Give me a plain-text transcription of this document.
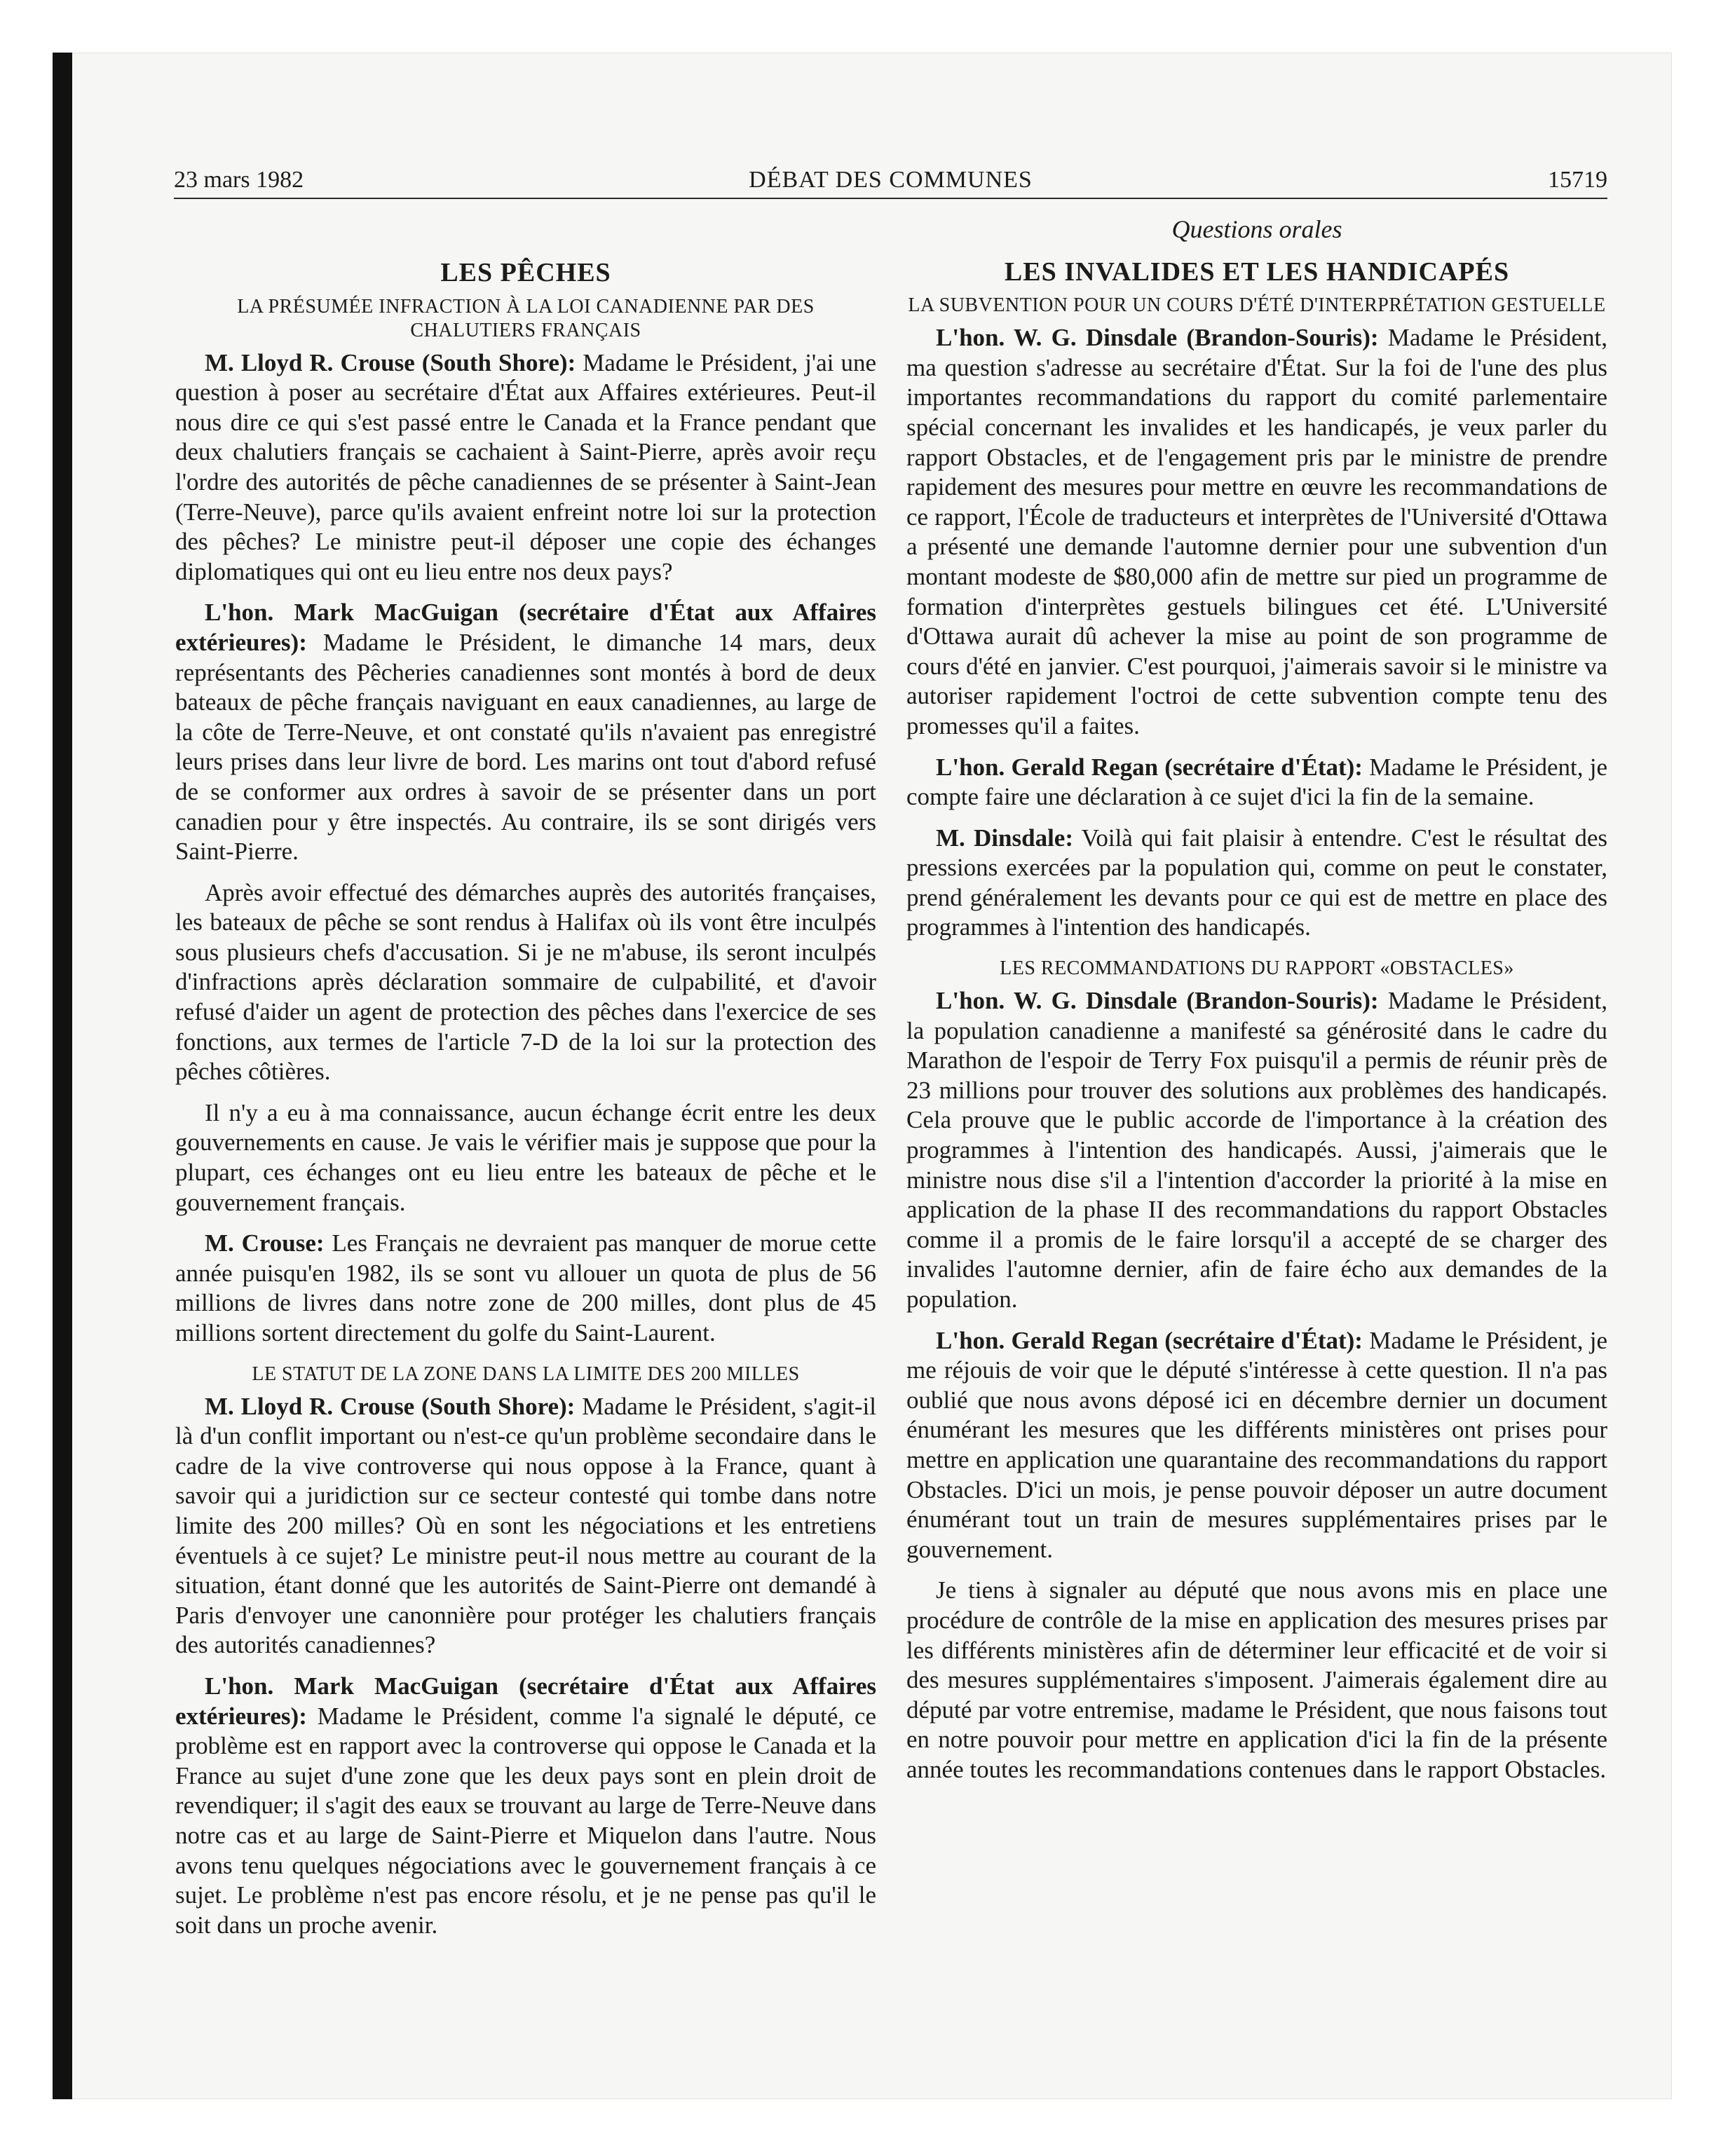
23 mars 1982	DÉBAT DES COMMUNES	15719
LES PÊCHES
LA PRÉSUMÉE INFRACTION À LA LOI CANADIENNE PAR DES CHALUTIERS FRANÇAIS

M. Lloyd R. Crouse (South Shore): Madame le Président, j'ai une question à poser au secrétaire d'État aux Affaires extérieures. Peut-il nous dire ce qui s'est passé entre le Canada et la France pendant que deux chalutiers français se cachaient à Saint-Pierre, après avoir reçu l'ordre des autorités de pêche canadiennes de se présenter à Saint-Jean (Terre-Neuve), parce qu'ils avaient enfreint notre loi sur la protection des pêches? Le ministre peut-il déposer une copie des échanges diplomatiques qui ont eu lieu entre nos deux pays?

L'hon. Mark MacGuigan (secrétaire d'État aux Affaires extérieures): Madame le Président, le dimanche 14 mars, deux représentants des Pêcheries canadiennes sont montés à bord de deux bateaux de pêche français naviguant en eaux canadiennes, au large de la côte de Terre-Neuve, et ont constaté qu'ils n'avaient pas enregistré leurs prises dans leur livre de bord. Les marins ont tout d'abord refusé de se conformer aux ordres à savoir de se présenter dans un port canadien pour y être inspectés. Au contraire, ils se sont dirigés vers Saint-Pierre.

Après avoir effectué des démarches auprès des autorités françaises, les bateaux de pêche se sont rendus à Halifax où ils vont être inculpés sous plusieurs chefs d'accusation. Si je ne m'abuse, ils seront inculpés d'infractions après déclaration sommaire de culpabilité, et d'avoir refusé d'aider un agent de protection des pêches dans l'exercice de ses fonctions, aux termes de l'article 7-D de la loi sur la protection des pêches côtières.

Il n'y a eu à ma connaissance, aucun échange écrit entre les deux gouvernements en cause. Je vais le vérifier mais je suppose que pour la plupart, ces échanges ont eu lieu entre les bateaux de pêche et le gouvernement français.

M. Crouse: Les Français ne devraient pas manquer de morue cette année puisqu'en 1982, ils se sont vu allouer un quota de plus de 56 millions de livres dans notre zone de 200 milles, dont plus de 45 millions sortent directement du golfe du Saint-Laurent.

LE STATUT DE LA ZONE DANS LA LIMITE DES 200 MILLES

M. Lloyd R. Crouse (South Shore): Madame le Président, s'agit-il là d'un conflit important ou n'est-ce qu'un problème secondaire dans le cadre de la vive controverse qui nous oppose à la France, quant à savoir qui a juridiction sur ce secteur contesté qui tombe dans notre limite des 200 milles? Où en sont les négociations et les entretiens éventuels à ce sujet? Le ministre peut-il nous mettre au courant de la situation, étant donné que les autorités de Saint-Pierre ont demandé à Paris d'envoyer une canonnière pour protéger les chalutiers français des autorités canadiennes?

L'hon. Mark MacGuigan (secrétaire d'État aux Affaires extérieures): Madame le Président, comme l'a signalé le député, ce problème est en rapport avec la controverse qui oppose le Canada et la France au sujet d'une zone que les deux pays sont en plein droit de revendiquer; il s'agit des eaux se trouvant au large de Terre-Neuve dans notre cas et au large de Saint-Pierre et Miquelon dans l'autre. Nous avons tenu quelques négociations avec le gouvernement français à ce sujet. Le problème n'est pas encore résolu, et je ne pense pas qu'il le soit dans un proche avenir.

Questions orales
LES INVALIDES ET LES HANDICAPÉS
LA SUBVENTION POUR UN COURS D'ÉTÉ D'INTERPRÉTATION GESTUELLE

L'hon. W. G. Dinsdale (Brandon-Souris): Madame le Président, ma question s'adresse au secrétaire d'État. Sur la foi de l'une des plus importantes recommandations du rapport du comité parlementaire spécial concernant les invalides et les handicapés, je veux parler du rapport Obstacles, et de l'engagement pris par le ministre de prendre rapidement des mesures pour mettre en œuvre les recommandations de ce rapport, l'École de traducteurs et interprètes de l'Université d'Ottawa a présenté une demande l'automne dernier pour une subvention d'un montant modeste de $80,000 afin de mettre sur pied un programme de formation d'interprètes gestuels bilingues cet été. L'Université d'Ottawa aurait dû achever la mise au point de son programme de cours d'été en janvier. C'est pourquoi, j'aimerais savoir si le ministre va autoriser rapidement l'octroi de cette subvention compte tenu des promesses qu'il a faites.

L'hon. Gerald Regan (secrétaire d'État): Madame le Président, je compte faire une déclaration à ce sujet d'ici la fin de la semaine.

M. Dinsdale: Voilà qui fait plaisir à entendre. C'est le résultat des pressions exercées par la population qui, comme on peut le constater, prend généralement les devants pour ce qui est de mettre en place des programmes à l'intention des handicapés.

LES RECOMMANDATIONS DU RAPPORT «OBSTACLES»

L'hon. W. G. Dinsdale (Brandon-Souris): Madame le Président, la population canadienne a manifesté sa générosité dans le cadre du Marathon de l'espoir de Terry Fox puisqu'il a permis de réunir près de 23 millions pour trouver des solutions aux problèmes des handicapés. Cela prouve que le public accorde de l'importance à la création des programmes à l'intention des handicapés. Aussi, j'aimerais que le ministre nous dise s'il a l'intention d'accorder la priorité à la mise en application de la phase II des recommandations du rapport Obstacles comme il a promis de le faire lorsqu'il a accepté de se charger des invalides l'automne dernier, afin de faire écho aux demandes de la population.

L'hon. Gerald Regan (secrétaire d'État): Madame le Président, je me réjouis de voir que le député s'intéresse à cette question. Il n'a pas oublié que nous avons déposé ici en décembre dernier un document énumérant les mesures que les différents ministères ont prises pour mettre en application une quarantaine des recommandations du rapport Obstacles. D'ici un mois, je pense pouvoir déposer un autre document énumérant tout un train de mesures supplémentaires prises par le gouvernement.

Je tiens à signaler au député que nous avons mis en place une procédure de contrôle de la mise en application des mesures prises par les différents ministères afin de déterminer leur efficacité et de voir si des mesures supplémentaires s'imposent. J'aimerais également dire au député par votre entremise, madame le Président, que nous faisons tout en notre pouvoir pour mettre en application d'ici la fin de la présente année toutes les recommandations contenues dans le rapport Obstacles.
